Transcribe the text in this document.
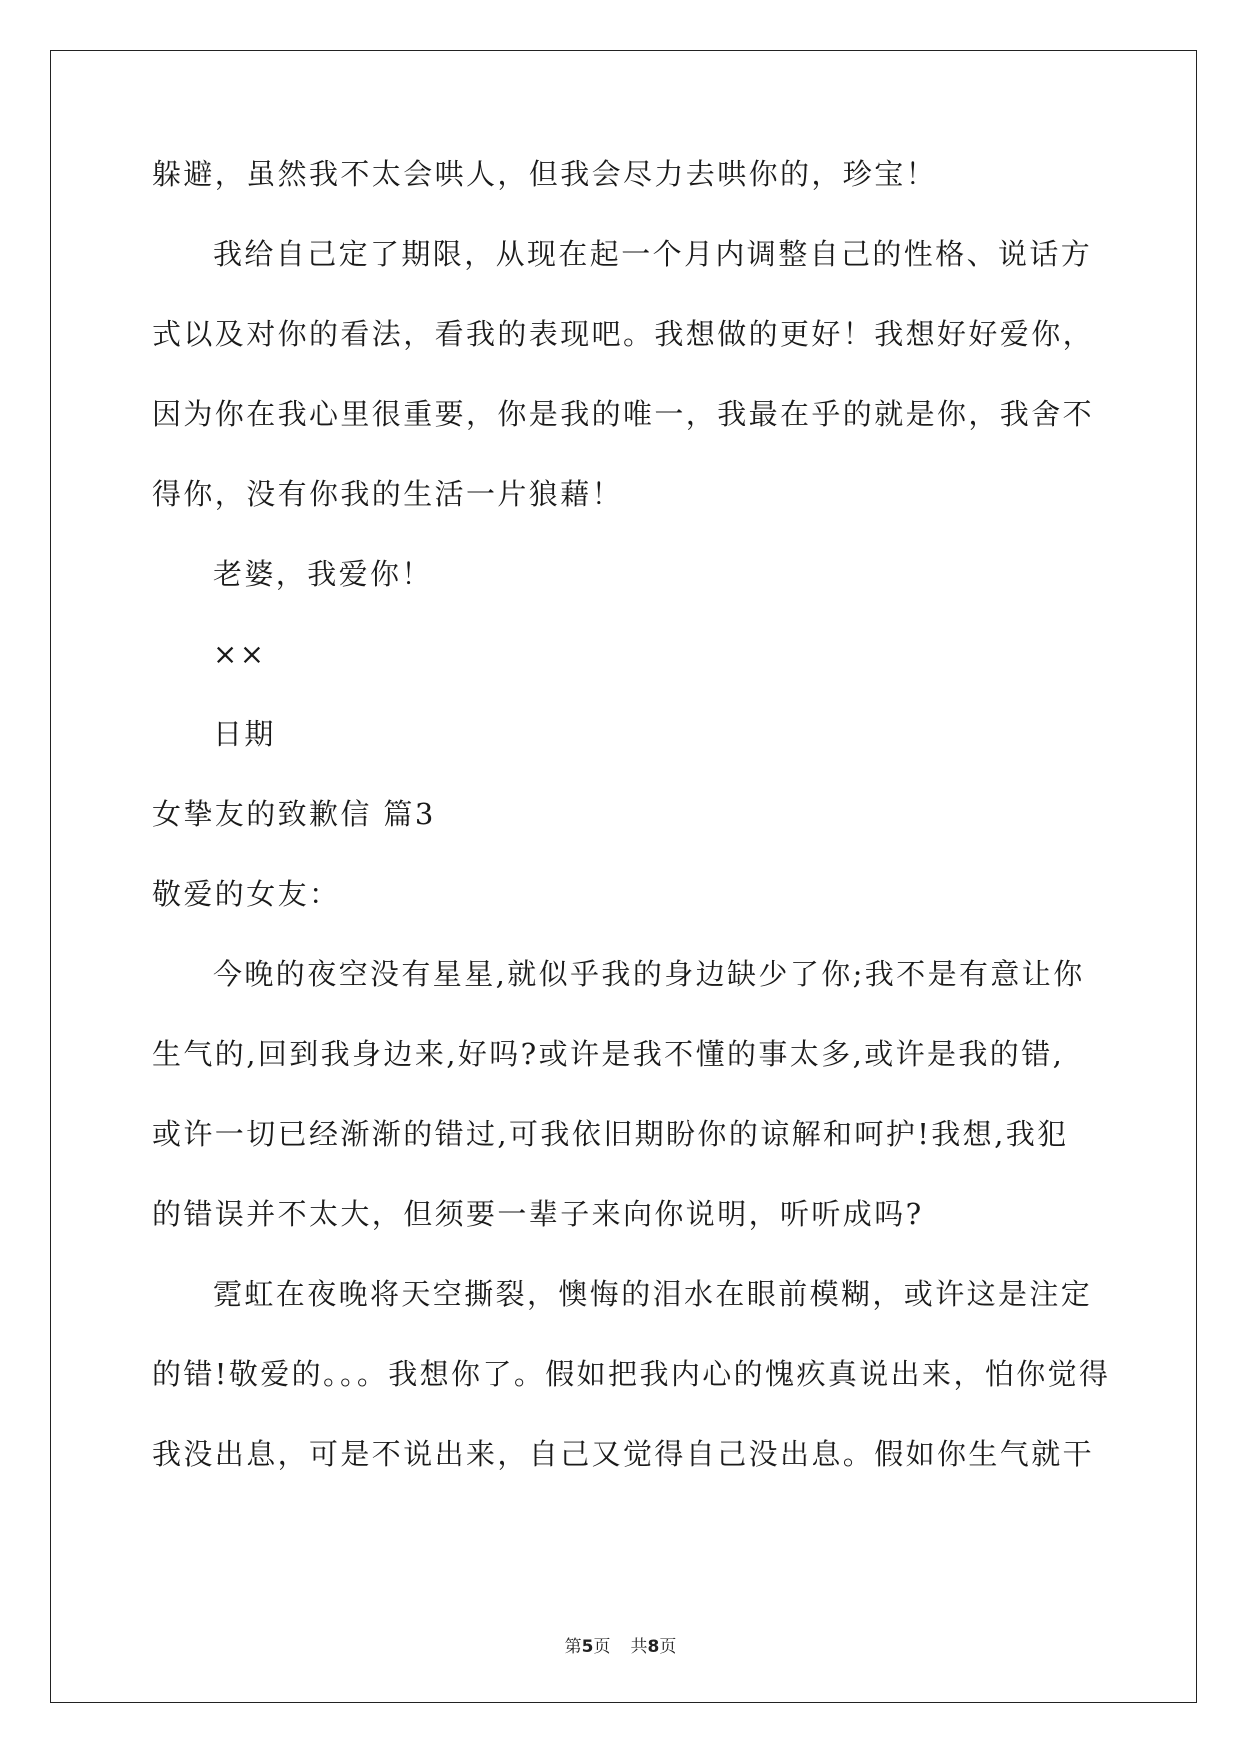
躲避，虽然我不太会哄人，但我会尽力去哄你的，珍宝！
我给自己定了期限，从现在起一个月内调整自己的性格、说话方
式以及对你的看法，看我的表现吧。我想做的更好！我想好好爱你，
因为你在我心里很重要，你是我的唯一，我最在乎的就是你，我舍不
得你，没有你我的生活一片狼藉！
老婆，我爱你！
××
日期
女挚友的致歉信 篇3
敬爱的女友：
今晚的夜空没有星星,就似乎我的身边缺少了你;我不是有意让你
生气的,回到我身边来,好吗?或许是我不懂的事太多,或许是我的错,
或许一切已经渐渐的错过,可我依旧期盼你的谅解和呵护!我想,我犯
的错误并不太大，但须要一辈子来向你说明，听听成吗?
霓虹在夜晚将天空撕裂，懊悔的泪水在眼前模糊，或许这是注定
的错!敬爱的。。。我想你了。假如把我内心的愧疚真说出来，怕你觉得
我没出息，可是不说出来，自己又觉得自己没出息。假如你生气就干
第5页 共8页
